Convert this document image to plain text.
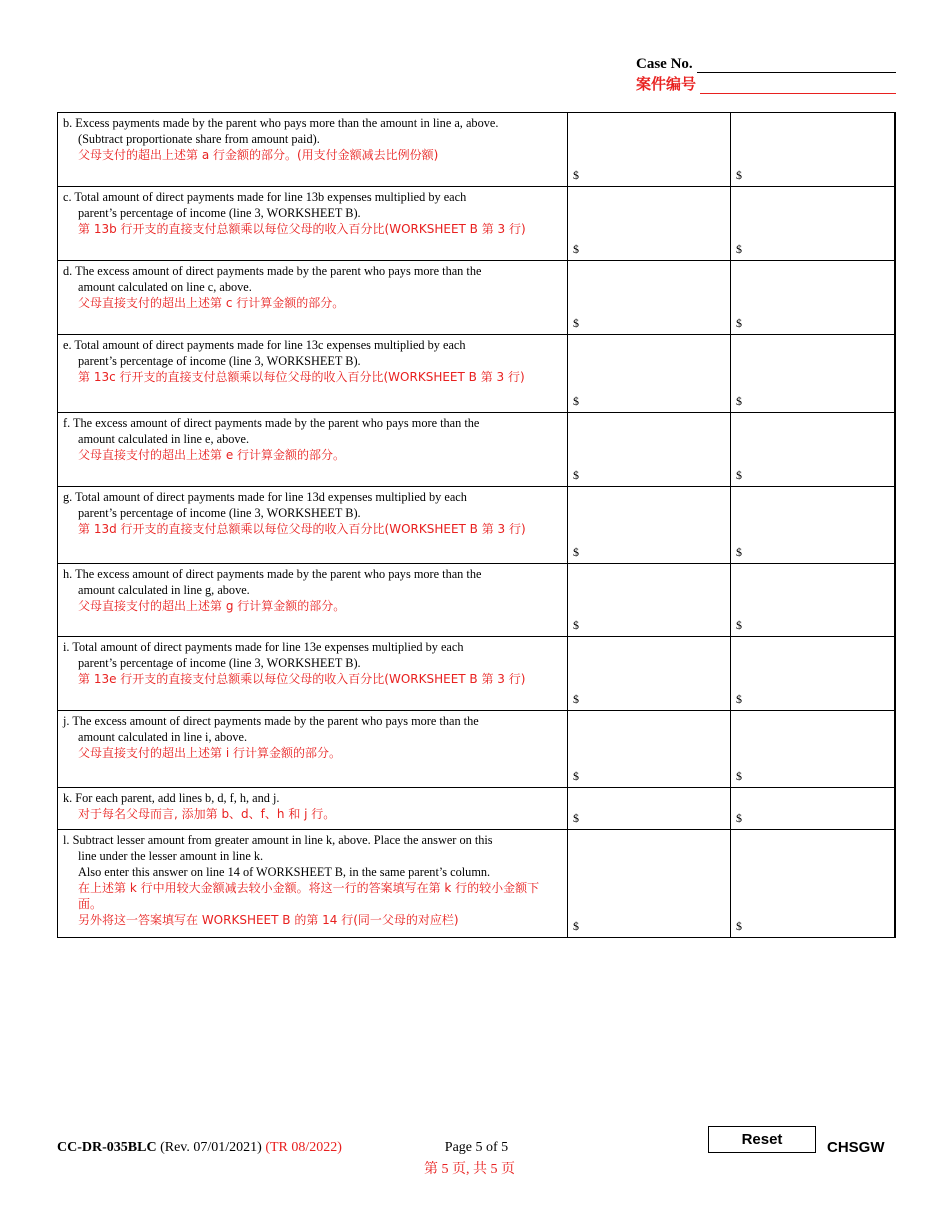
Case No.
案件编号
b. Excess payments made by the parent who pays more than the amount in line a, above.
(Subtract proportionate share from amount paid).
父母支付的超出上述第 a 行金额的部分。(用支付金额减去比例份额)	$	$

c. Total amount of direct payments made for line 13b expenses multiplied by each
parent’s percentage of income (line 3, WORKSHEET B).
第 13b 行开支的直接支付总额乘以每位父母的收入百分比(WORKSHEET B 第 3 行)	$	$

d. The excess amount of direct payments made by the parent who pays more than the
amount calculated on line c, above.
父母直接支付的超出上述第 c 行计算金额的部分。	$	$

e. Total amount of direct payments made for line 13c expenses multiplied by each
parent’s percentage of income (line 3, WORKSHEET B).
第 13c 行开支的直接支付总额乘以每位父母的收入百分比(WORKSHEET B 第 3 行)	$	$

f. The excess amount of direct payments made by the parent who pays more than the
amount calculated in line e, above.
父母直接支付的超出上述第 e 行计算金额的部分。	$	$

g. Total amount of direct payments made for line 13d expenses multiplied by each
parent’s percentage of income (line 3, WORKSHEET B).
第 13d 行开支的直接支付总额乘以每位父母的收入百分比(WORKSHEET B 第 3 行)	$	$

h. The excess amount of direct payments made by the parent who pays more than the
amount calculated in line g, above.
父母直接支付的超出上述第 g 行计算金额的部分。	$	$

i. Total amount of direct payments made for line 13e expenses multiplied by each
parent’s percentage of income (line 3, WORKSHEET B).
第 13e 行开支的直接支付总额乘以每位父母的收入百分比(WORKSHEET B 第 3 行)	$	$

j. The excess amount of direct payments made by the parent who pays more than the
amount calculated in line i, above.
父母直接支付的超出上述第 i 行计算金额的部分。	$	$

k. For each parent, add lines b, d, f, h, and j.
对于每名父母而言, 添加第 b、d、f、h 和 j 行。	$	$

l. Subtract lesser amount from greater amount in line k, above. Place the answer on this
line under the lesser amount in line k.
Also enter this answer on line 14 of WORKSHEET B, in the same parent’s column.
在上述第 k 行中用较大金额减去较小金额。将这一行的答案填写在第 k 行的较小金额下面。
另外将这一答案填写在 WORKSHEET B 的第 14 行(同一父母的对应栏)	$	$
CC-DR-035BLC (Rev. 07/01/2021) (TR 08/2022)	Page 5 of 5
第 5 页, 共 5 页
Reset	CHSGW
